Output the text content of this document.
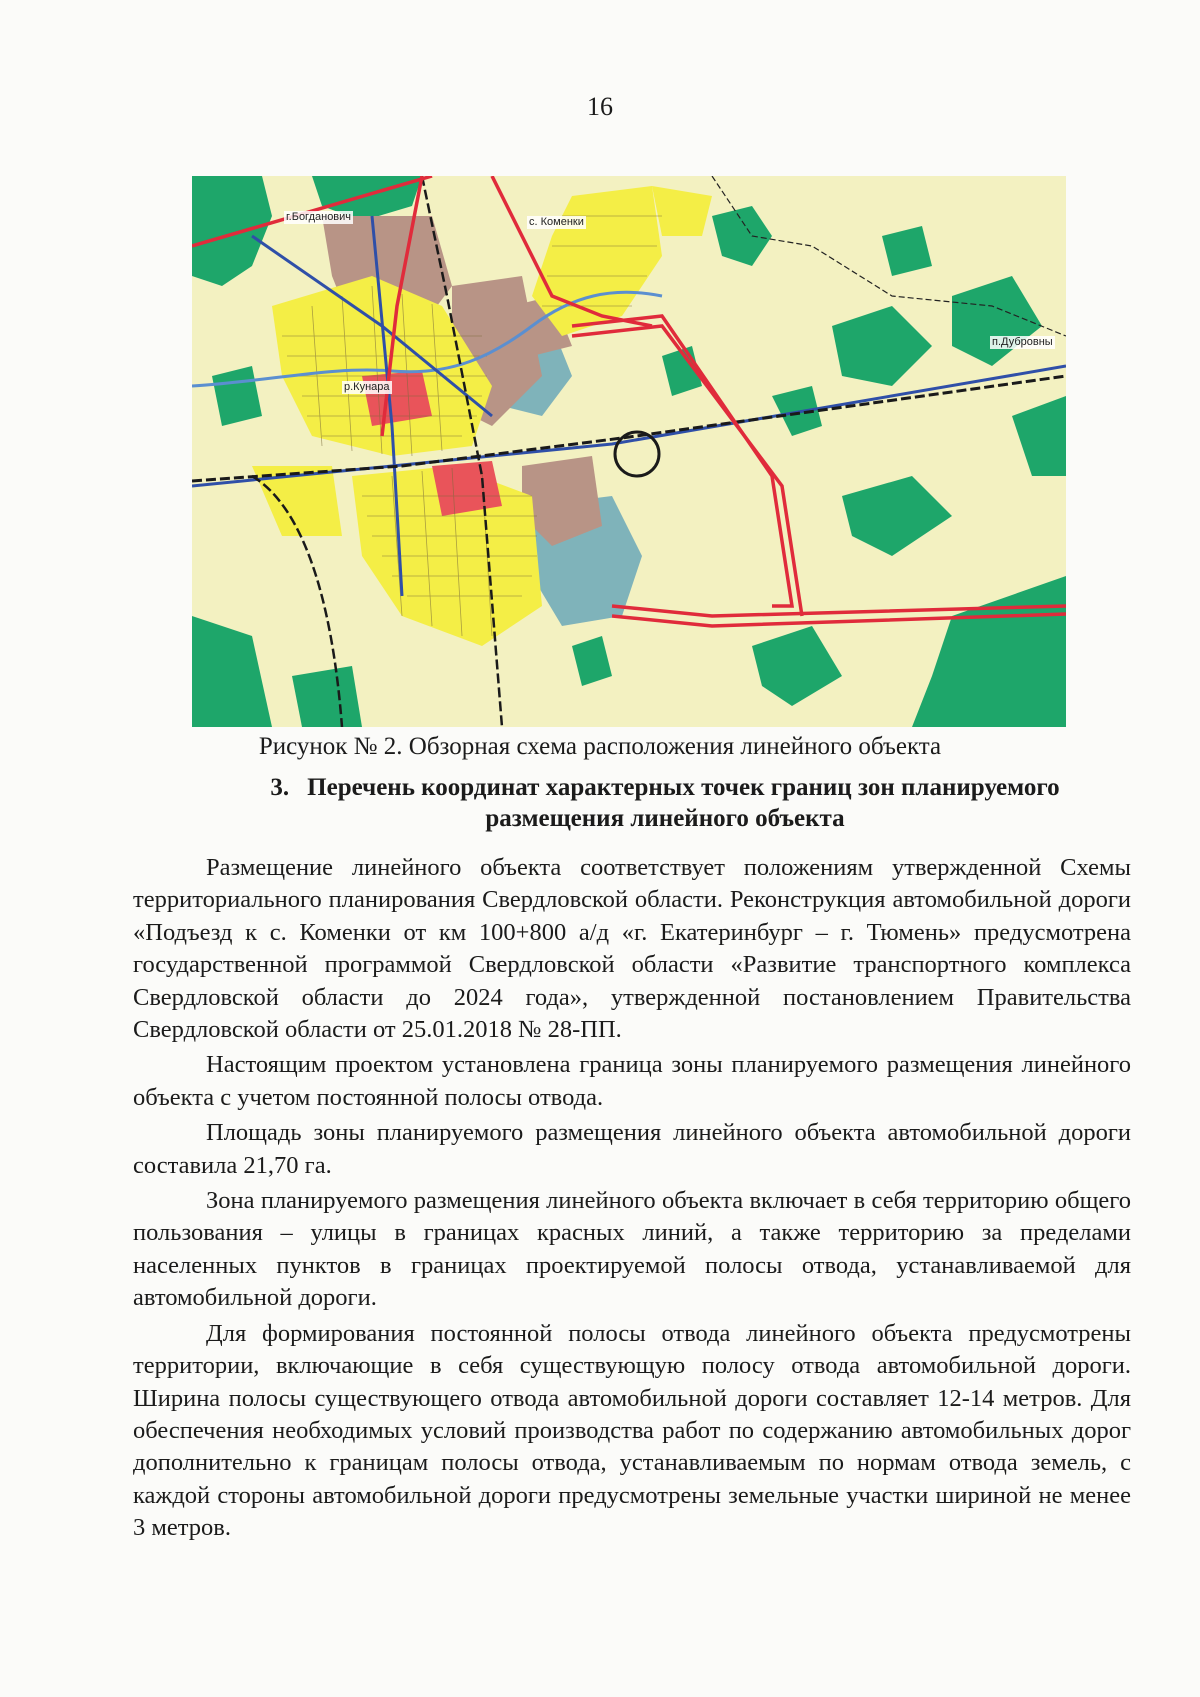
16
г.Богданович	с. Коменки
п.Дубровны
р.Кунара
Рисунок № 2. Обзорная схема расположения линейного объекта
3. Перечень координат характерных точек границ зон планируемого
размещения линейного объекта

Размещение линейного объекта соответствует положениям утвержденной Схемы территориального планирования Свердловской области. Реконструкция автомобильной дороги «Подъезд к с. Коменки от км 100+800 а/д «г. Екатеринбург – г. Тюмень» предусмотрена государственной программой Свердловской области «Развитие транспортного комплекса Свердловской области до 2024 года», утвержденной постановлением Правительства Свердловской области от 25.01.2018 № 28-ПП.

Настоящим проектом установлена граница зоны планируемого размещения линейного объекта с учетом постоянной полосы отвода.

Площадь зоны планируемого размещения линейного объекта автомобильной дороги составила 21,70 га.

Зона планируемого размещения линейного объекта включает в себя территорию общего пользования – улицы в границах красных линий, а также территорию за пределами населенных пунктов в границах проектируемой полосы отвода, устанавливаемой для автомобильной дороги.

Для формирования постоянной полосы отвода линейного объекта предусмотрены территории, включающие в себя существующую полосу отвода автомобильной дороги. Ширина полосы существующего отвода автомобильной дороги составляет 12-14 метров. Для обеспечения необходимых условий производства работ по содержанию автомобильных дорог дополнительно к границам полосы отвода, устанавливаемым по нормам отвода земель, с каждой стороны автомобильной дороги предусмотрены земельные участки шириной не менее 3 метров.
